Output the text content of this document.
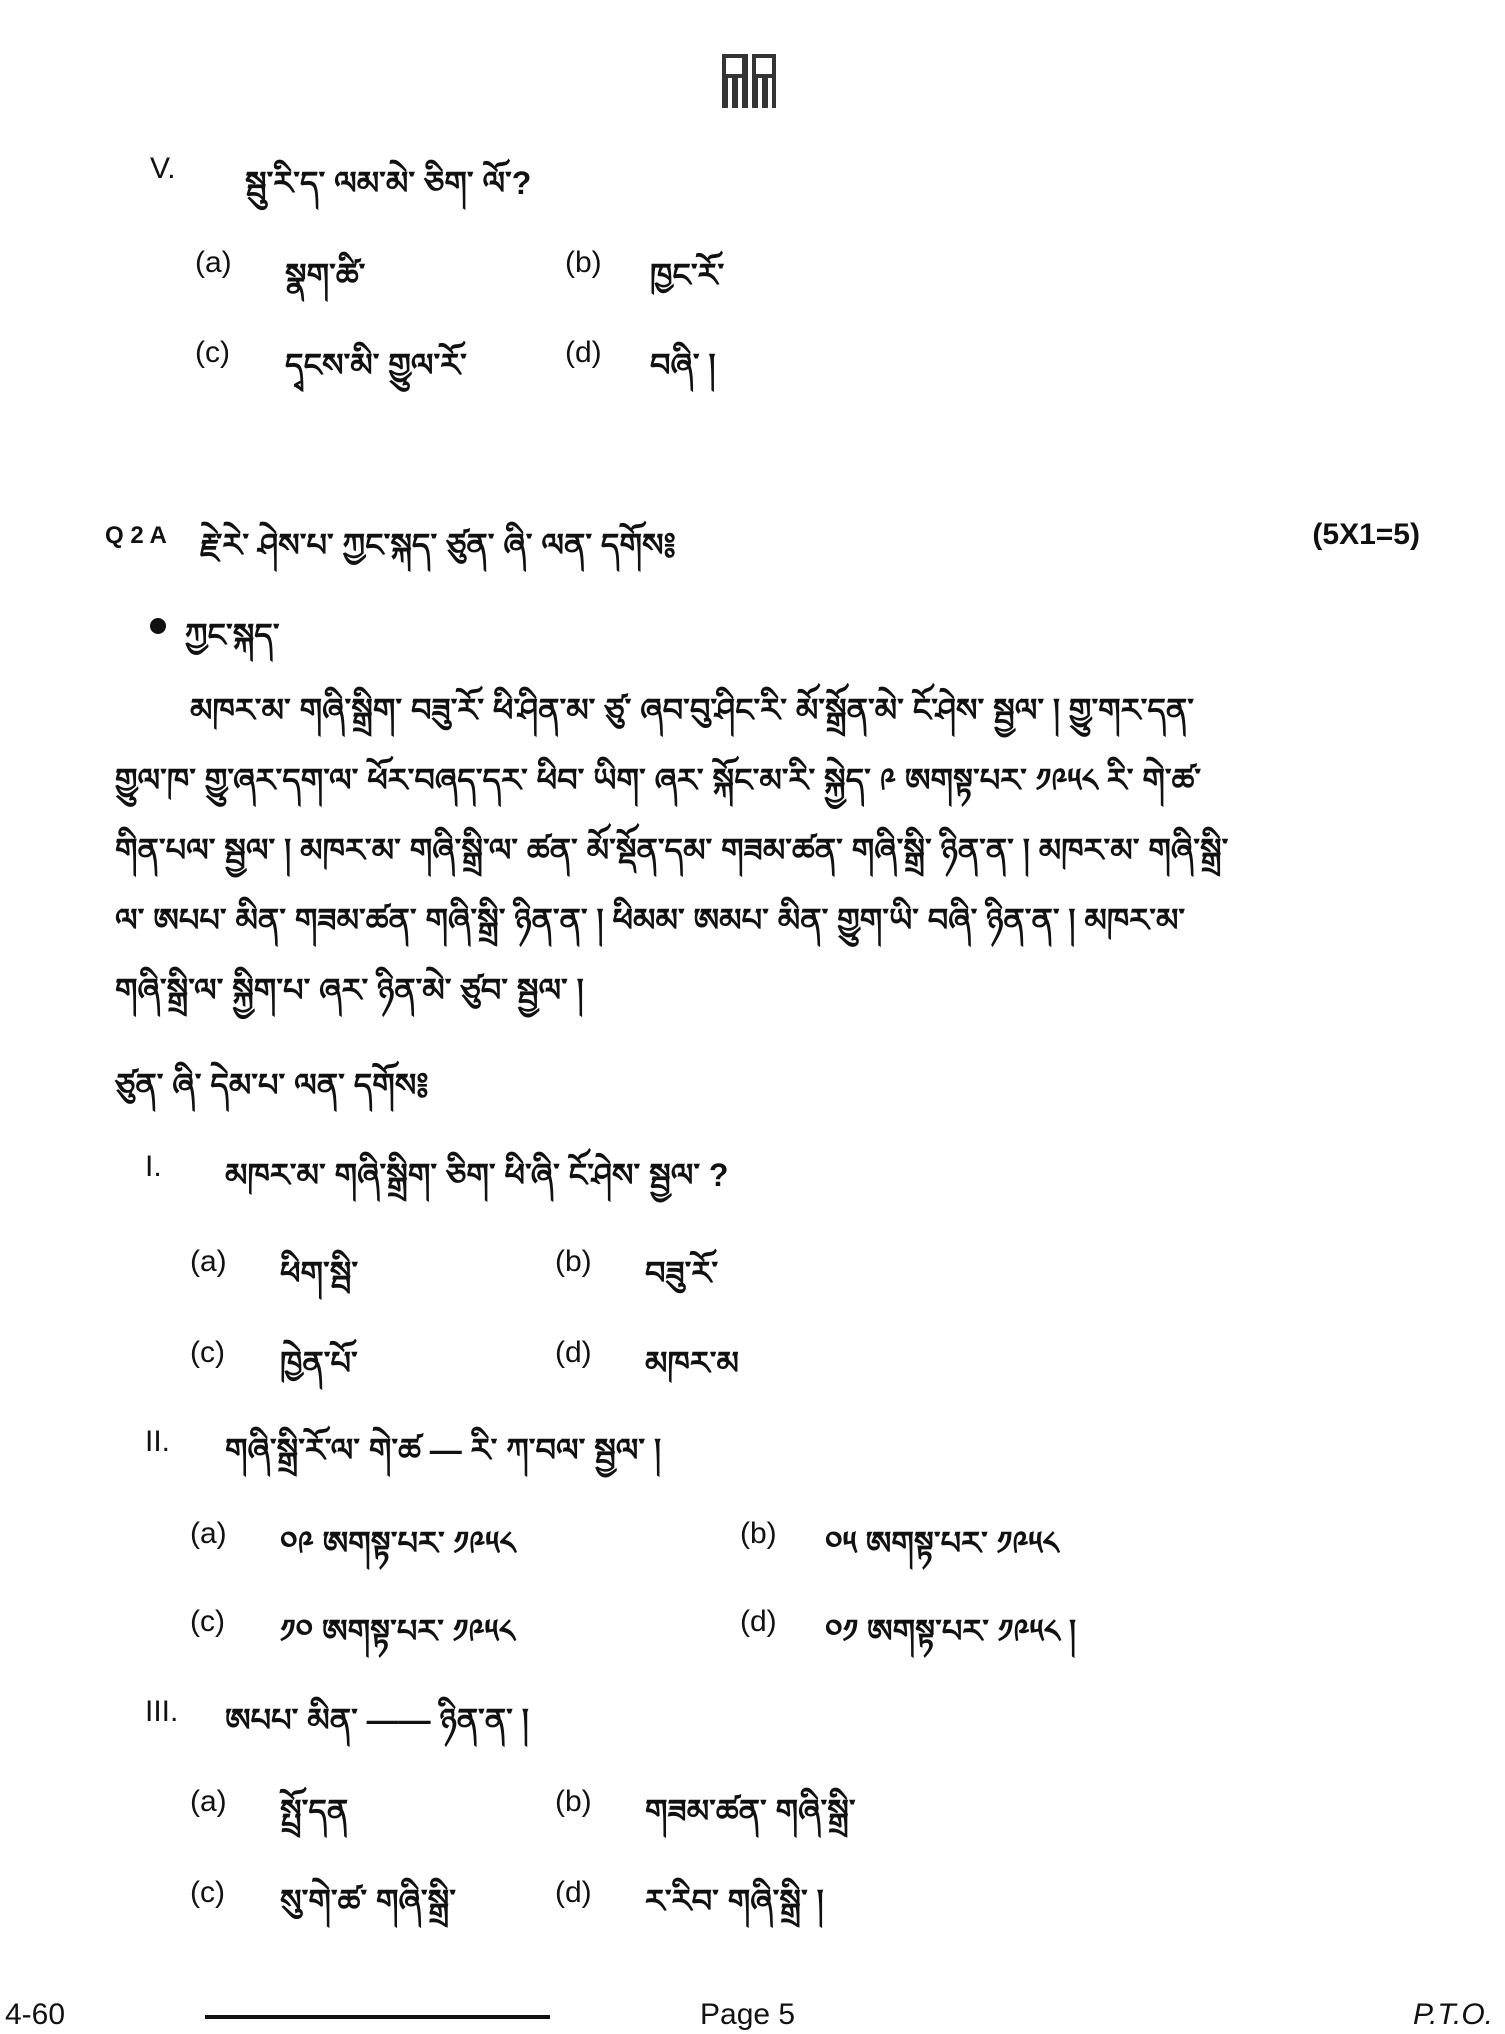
V. སྦུ་རི་ད་ ལམ་མེ་ ཅིག་ ལོ་?
(a) སྣག་ཚི་	(b) ཁྱང་རོ་
(c) དྭངས་མི་ གྱུལ་རོ་	(d) བཞི་ །
Q 2 A རྗེ་རེ་ ཤེས་པ་ ཀྱང་སྐད་ ཙུན་ ཞི་ ལན་ དགོས༔	(5X1=5)
ཀྱང་སྐད་
མཁར་མ་ གཞི་སྒྲིག་ བཟུ་རོ་ ཕི་ཤིན་མ་ ཙུ་ ཞབ་བུ་ཤིང་རི་ མོ་སྒྲོན་མེ་ ངོ་ཤེས་ སྦྱལ་ ། གྱུ་གར་དན་
གྱུལ་ཁ་ གྱུ་ཞར་དག་ལ་ ཕོར་བཞད་དར་ ཕིབ་ ཡིག་ ཞར་ སྐོང་མ་རི་ སྐྱེད་ ༩ ཨགསྟ་པར་ ༡༩༥༨ རི་ གེ་ཚ་
གིན་པལ་ སྦྱལ་ ། མཁར་མ་ གཞི་སྒྲི་ལ་ ཚན་ མོ་སྡོན་དམ་ གཟམ་ཚན་ གཞི་སྒྲི་ ཉིན་ན་ ། མཁར་མ་ གཞི་སྒྲི་
ལ་ ཨཔཔ་ མིན་ གཟམ་ཚན་ གཞི་སྒྲི་ ཉིན་ན་ ། ཕིམམ་ ཨམཔ་ མིན་ གྱུག་ཡི་ བཞི་ ཉིན་ན་ ། མཁར་མ་
གཞི་སྒྲི་ལ་ སྐྱིག་པ་ ཞར་ ཉིན་མེ་ ཙུབ་ སྦྱལ་ །
ཙུན་ ཞི་ དེམ་པ་ ལན་ དགོས༔
I. མཁར་མ་ གཞི་སྒྲིག་ ཅིག་ ཕི་ཞི་ ངོ་ཤེས་ སྦྱལ་ ?
(a) ཕིག་སྦི་	(b) བཟུ་རོ་
(c) ཁྱེན་པོ་	(d) མཁར་མ
II. གཞི་སྒྲི་རོ་ལ་ གེ་ཚ — རི་ ཀ་བལ་ སྦྱལ་ །
(a) ༠༩ ཨགསྟ་པར་ ༡༩༥༨	(b) ༠༥ ཨགསྟ་པར་ ༡༩༥༨
(c) ༡༠ ཨགསྟ་པར་ ༡༩༥༨	(d) ༠༡ ཨགསྟ་པར་ ༡༩༥༨ །
III. ཨཔཔ་ མིན་ —— ཉིན་ན་ །
(a) སྤྲོ་དན	(b) གཟམ་ཚན་ གཞི་སྒྲི་
(c) སུ་གེ་ཚ་ གཞི་སྒྲི་	(d) ར་རིབ་ གཞི་སྒྲི་ །
4-60	Page 5	P.T.O.
